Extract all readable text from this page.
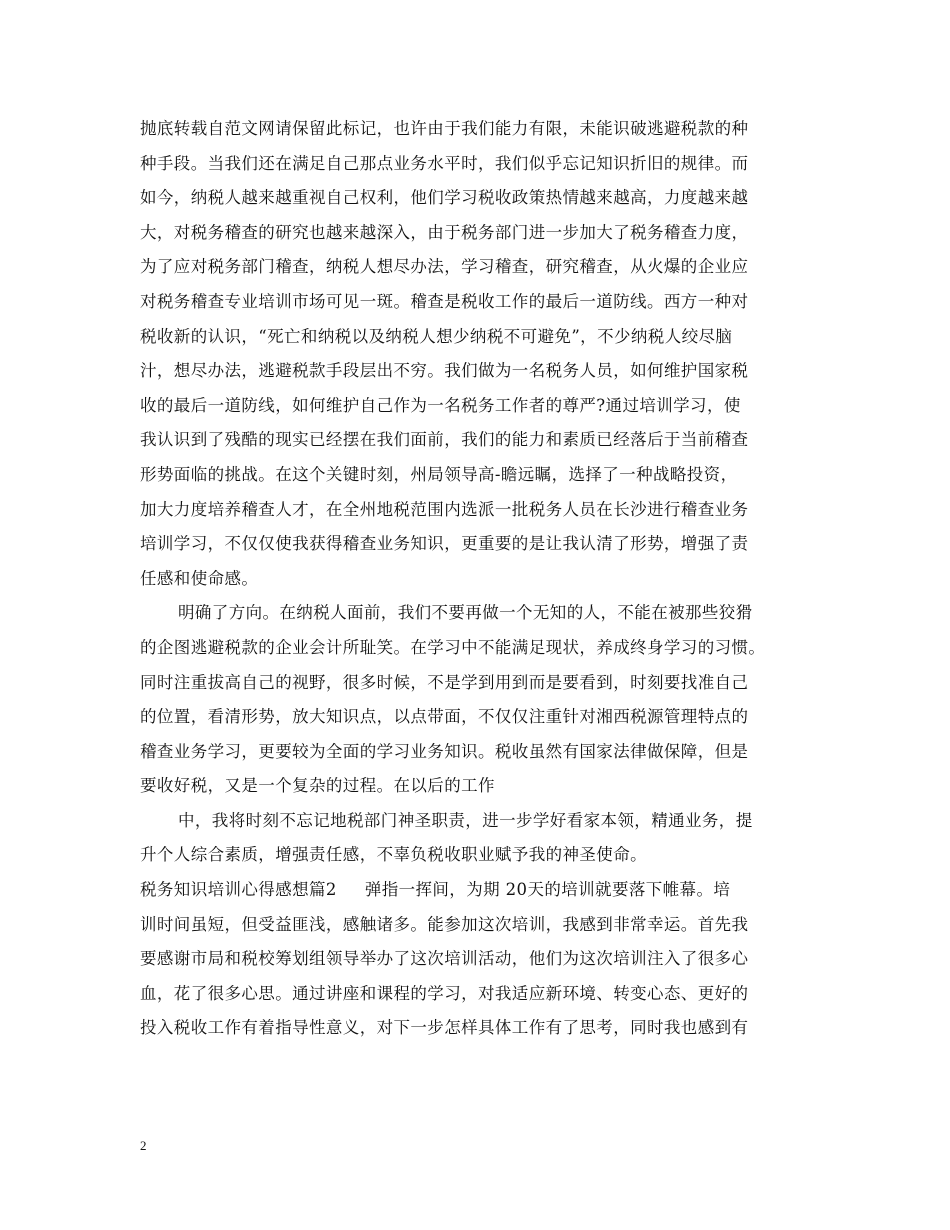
抛底转载自范文网请保留此标记，也许由于我们能力有限，未能识破逃避税款的种
种手段。当我们还在满足自己那点业务水平时，我们似乎忘记知识折旧的规律。而
如今，纳税人越来越重视自己权利，他们学习税收政策热情越来越高，力度越来越
大，对税务稽查的研究也越来越深入，由于税务部门进一步加大了税务稽查力度，
为了应对税务部门稽查，纳税人想尽办法，学习稽查，研究稽查，从火爆的企业应
对税务稽查专业培训市场可见一斑。稽查是税收工作的最后一道防线。西方一种对
税收新的认识，“死亡和纳税以及纳税人想少纳税不可避免”，不少纳税人绞尽脑
汁，想尽办法，逃避税款手段层出不穷。我们做为一名税务人员，如何维护国家税
收的最后一道防线，如何维护自己作为一名税务工作者的尊严?通过培训学习，使
我认识到了残酷的现实已经摆在我们面前，我们的能力和素质已经落后于当前稽查
形势面临的挑战。在这个关键时刻，州局领导高-瞻远瞩，选择了一种战略投资，
加大力度培养稽查人才，在全州地税范围内选派一批税务人员在长沙进行稽查业务
培训学习，不仅仅使我获得稽查业务知识，更重要的是让我认清了形势，增强了责
任感和使命感。
明确了方向。在纳税人面前，我们不要再做一个无知的人，不能在被那些狡猾
的企图逃避税款的企业会计所耻笑。在学习中不能满足现状，养成终身学习的习惯。
同时注重拔高自己的视野，很多时候，不是学到用到而是要看到，时刻要找准自己
的位置，看清形势，放大知识点，以点带面，不仅仅注重针对湘西税源管理特点的
稽查业务学习，更要较为全面的学习业务知识。税收虽然有国家法律做保障，但是
要收好税，又是一个复杂的过程。在以后的工作
中，我将时刻不忘记地税部门神圣职责，进一步学好看家本领，精通业务，提
升个人综合素质，增强责任感，不辜负税收职业赋予我的神圣使命。
税务知识培训心得感想篇2 弹指一挥间，为期 20天的培训就要落下帷幕。培
训时间虽短，但受益匪浅，感触诸多。能参加这次培训，我感到非常幸运。首先我
要感谢市局和税校筹划组领导举办了这次培训活动，他们为这次培训注入了很多心
血，花了很多心思。通过讲座和课程的学习，对我适应新环境、转变心态、更好的
投入税收工作有着指导性意义，对下一步怎样具体工作有了思考，同时我也感到有
2
